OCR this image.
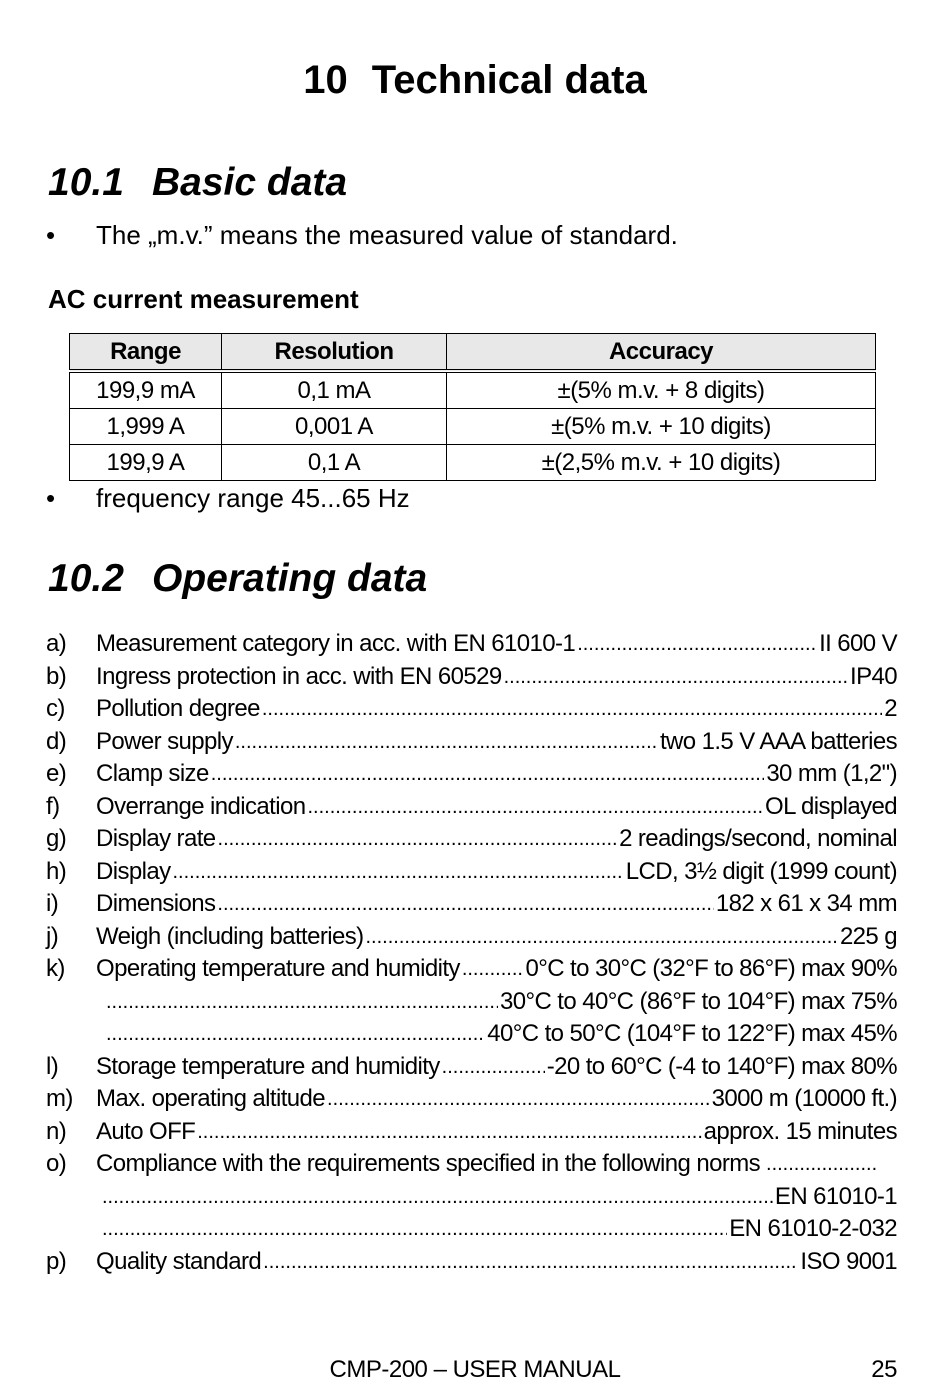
10 Technical data
10.1 Basic data
• The „m.v.” means the measured value of standard.
AC current measurement
Range	Resolution	Accuracy
199,9 mA	0,1 mA	±(5% m.v. + 8 digits)
1,999 A	0,001 A	±(5% m.v. + 10 digits)
199,9 A	0,1 A	±(2,5% m.v. + 10 digits)
• frequency range 45...65 Hz
10.2 Operating data
a)	Measurement category in acc. with EN 61010-1 .....	II 600 V
b)	Ingress protection in acc. with EN 60529 .....	IP40
c)	Pollution degree .....	2
d)	Power supply .....	two 1.5 V AAA batteries
e)	Clamp size .....	30 mm (1,2")
f)	Overrange indication .....	OL displayed
g)	Display rate .....	2 readings/second, nominal
h)	Display .....	LCD, 3½ digit (1999 count)
i)	Dimensions .....	182 x 61 x 34 mm
j)	Weigh (including batteries) .....	225 g
k)	Operating temperature and humidity .....	0°C to 30°C (32°F to 86°F) max 90%
.....
30°C to 40°C (86°F to 104°F) max 75%
.....
40°C to 50°C (104°F to 122°F) max 45%
l)	Storage temperature and humidity .....	-20 to 60°C (-4 to 140°F) max 80%
m) Max. operating altitude .....	3000 m (10000 ft.)
n)	Auto OFF .....	approx. 15 minutes
o)	Compliance with the requirements specified in the following norms
.....
.....
EN 61010-1
.....
EN 61010-2-032
p)	Quality standard .....	ISO 9001
CMP-200 – USER MANUAL	25
